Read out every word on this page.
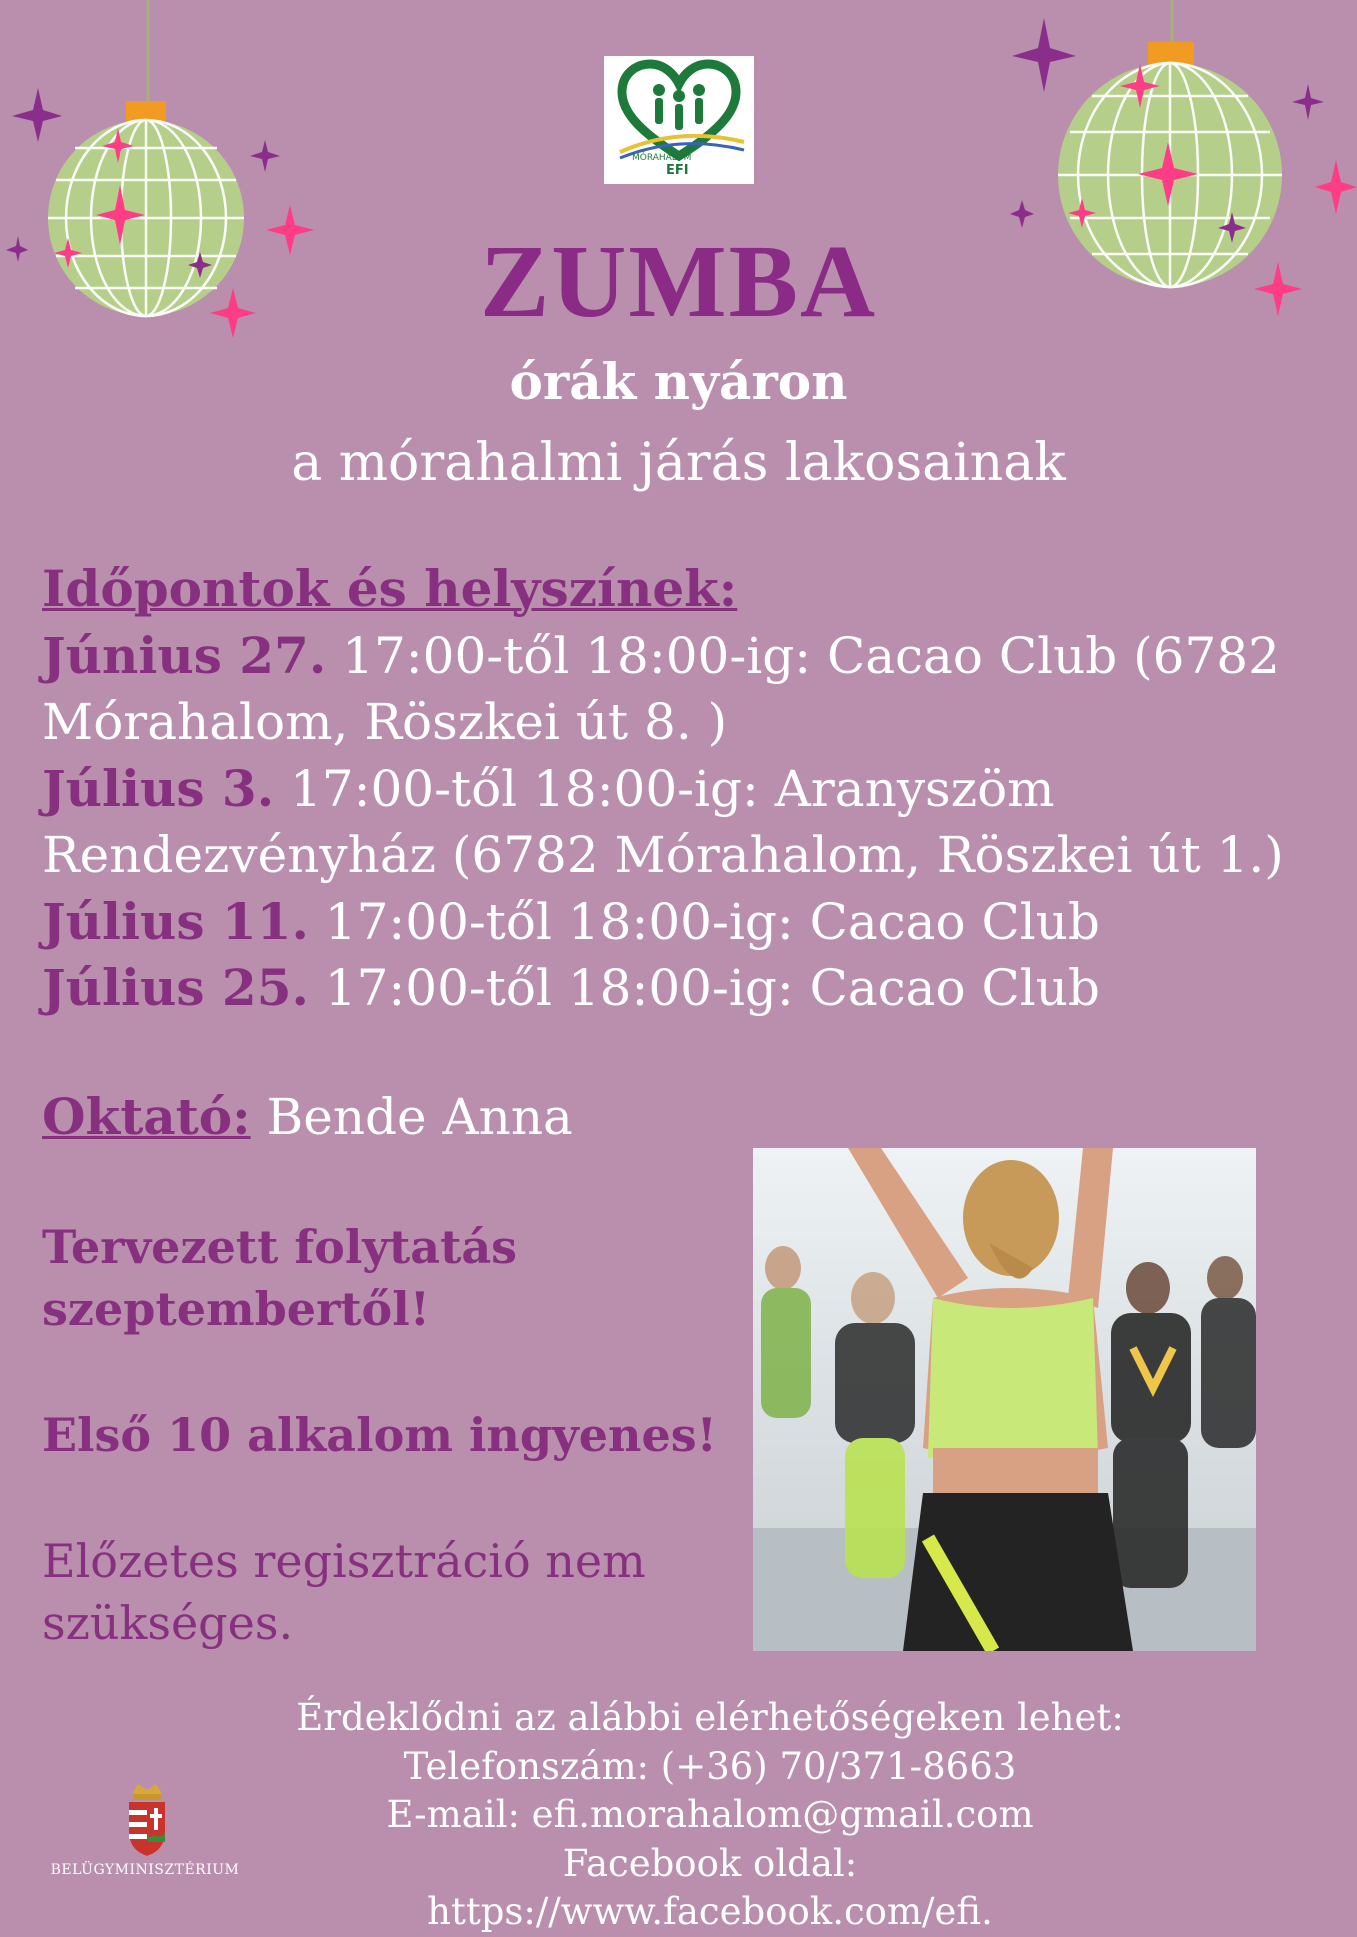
MÓRAHALOM
EFI
ZUMBA
órák nyáron
a mórahalmi járás lakosainak
Időpontok és helyszínek:
Június 27. 17:00-től 18:00-ig: Cacao Club (6782
Mórahalom, Röszkei út 8. )
Július 3. 17:00-től 18:00-ig: Aranyszöm
Rendezvényház (6782 Mórahalom, Röszkei út 1.)
Július 11. 17:00-től 18:00-ig: Cacao Club
Július 25. 17:00-től 18:00-ig: Cacao Club
Oktató: Bende Anna
Tervezett folytatás
szeptembertől!
Első 10 alkalom ingyenes!
Előzetes regisztráció nem
szükséges.
Érdeklődni az alábbi elérhetőségeken lehet:
Telefonszám: (+36) 70/371-8663
E-mail: efi.morahalom@gmail.com
Facebook oldal: https://www.facebook.com/efi.
BELÜGYMINISZTÉRIUM
